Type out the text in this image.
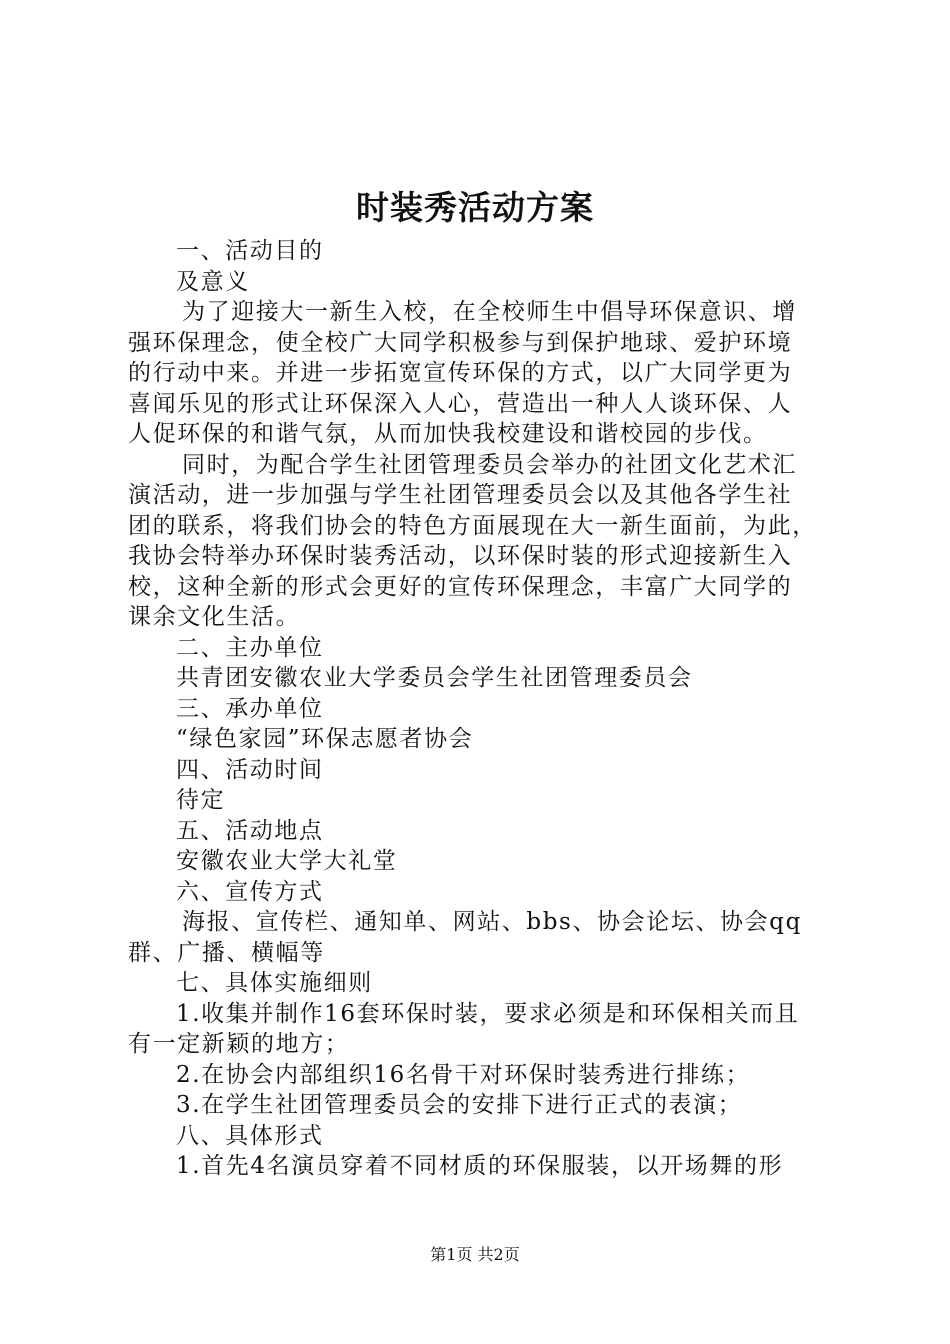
时装秀活动方案
一、活动目的
及意义
为了迎接大一新生入校，在全校师生中倡导环保意识、增
强环保理念，使全校广大同学积极参与到保护地球、爱护环境
的行动中来。并进一步拓宽宣传环保的方式，以广大同学更为
喜闻乐见的形式让环保深入人心，营造出一种人人谈环保、人
人促环保的和谐气氛，从而加快我校建设和谐校园的步伐。
同时，为配合学生社团管理委员会举办的社团文化艺术汇
演活动，进一步加强与学生社团管理委员会以及其他各学生社
团的联系，将我们协会的特色方面展现在大一新生面前，为此，
我协会特举办环保时装秀活动，以环保时装的形式迎接新生入
校，这种全新的形式会更好的宣传环保理念，丰富广大同学的
课余文化生活。
二、主办单位
共青团安徽农业大学委员会学生社团管理委员会
三、承办单位
“绿色家园”环保志愿者协会
四、活动时间
待定
五、活动地点
安徽农业大学大礼堂
六、宣传方式
海报、宣传栏、通知单、网站、bbs、协会论坛、协会qq
群、广播、横幅等
七、具体实施细则
1.收集并制作16套环保时装，要求必须是和环保相关而且
有一定新颖的地方；
2.在协会内部组织16名骨干对环保时装秀进行排练；
3.在学生社团管理委员会的安排下进行正式的表演；
八、具体形式
1.首先4名演员穿着不同材质的环保服装，以开场舞的形
第1页 共2页
